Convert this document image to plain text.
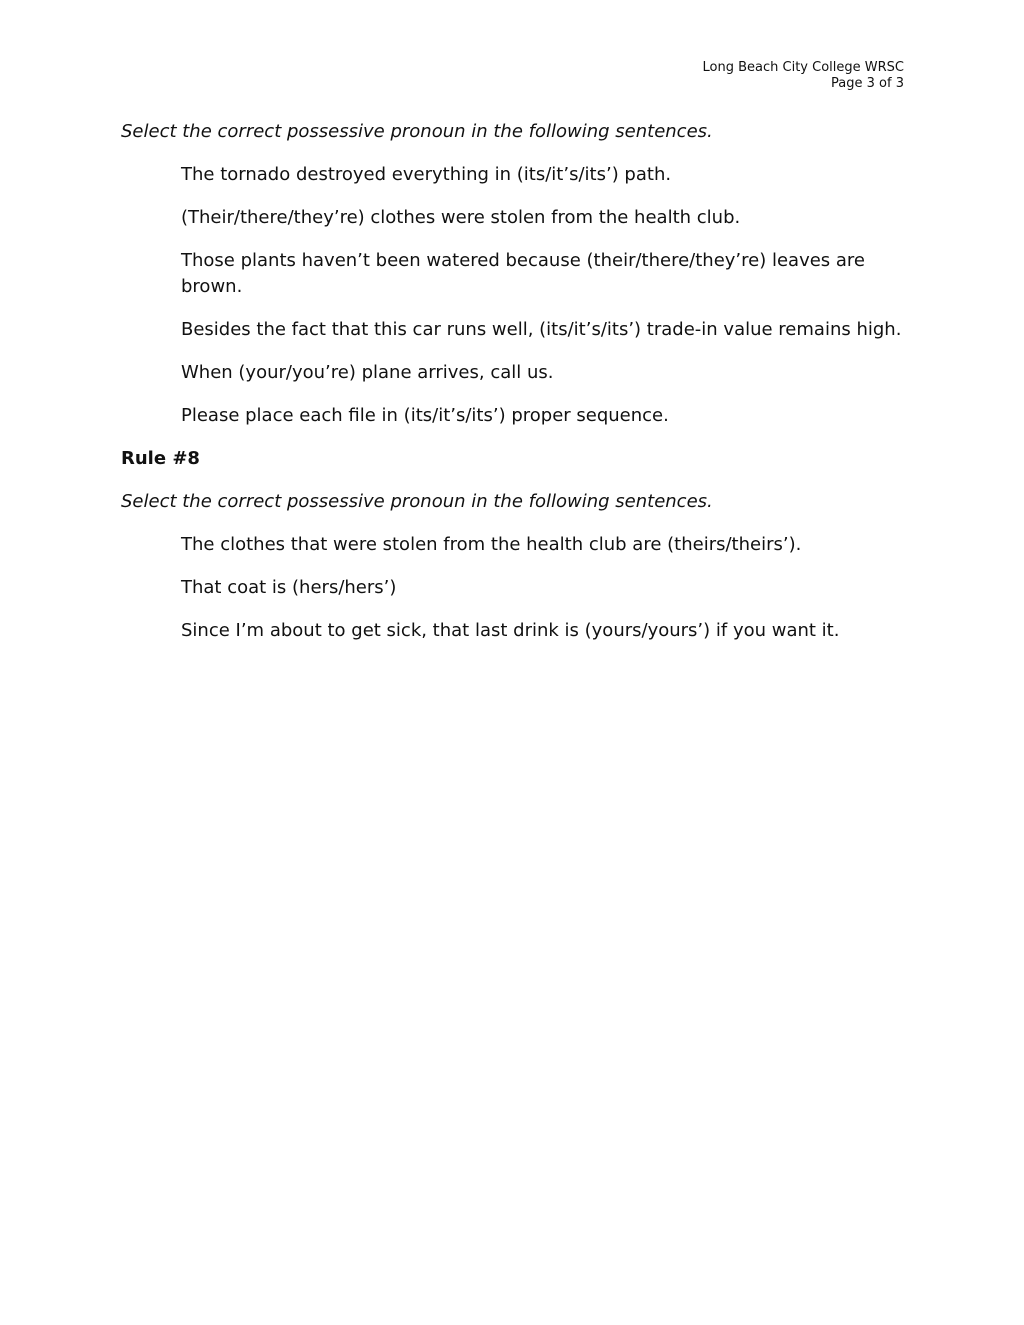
Long Beach City College WRSC
Page 3 of 3

Select the correct possessive pronoun in the following sentences.

The tornado destroyed everything in (its/it’s/its’) path.
(Their/there/they’re) clothes were stolen from the health club.
Those plants haven’t been watered because (their/there/they’re) leaves are brown.
Besides the fact that this car runs well, (its/it’s/its’) trade-in value remains high.
When (your/you’re) plane arrives, call us.
Please place each file in (its/it’s/its’) proper sequence.
Rule #8

Select the correct possessive pronoun in the following sentences.

The clothes that were stolen from the health club are (theirs/theirs’).
That coat is (hers/hers’)
Since I’m about to get sick, that last drink is (yours/yours’) if you want it.
